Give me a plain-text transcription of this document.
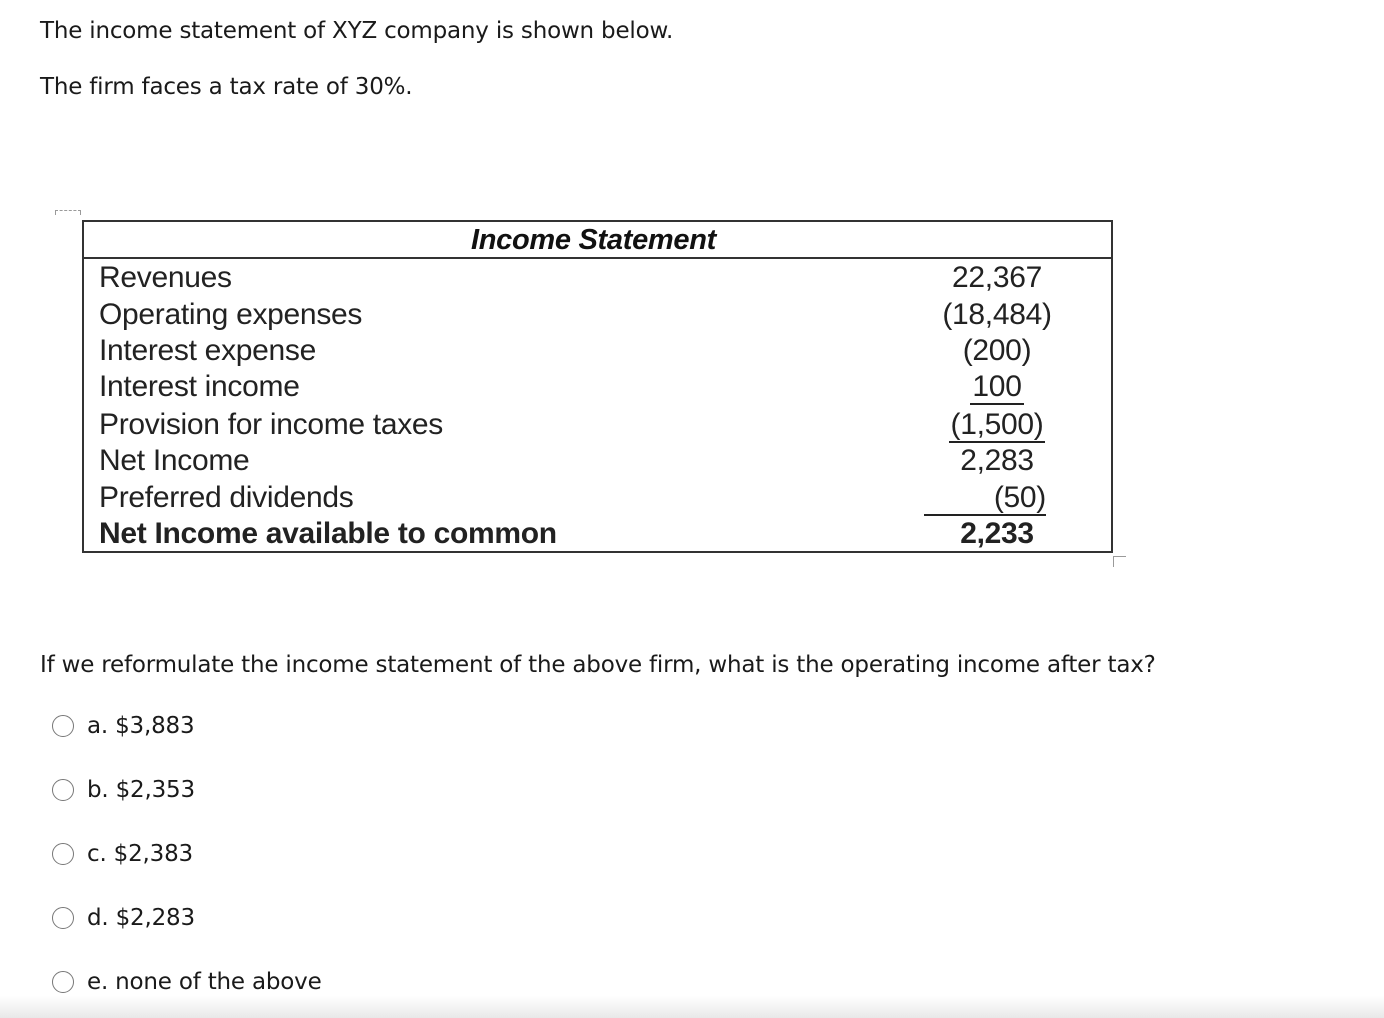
The income statement of XYZ company is shown below.
The firm faces a tax rate of 30%.
Income Statement
Revenues	22,367
Operating expenses	(18,484)
Interest expense	(200)
Interest income	100
Provision for income taxes	(1,500)
Net Income	2,283
Preferred dividends	(50)
Net Income available to common	2,233
If we reformulate the income statement of the above firm, what is the operating income after tax?
a. $3,883
b. $2,353
c. $2,383
d. $2,283
e. none of the above
